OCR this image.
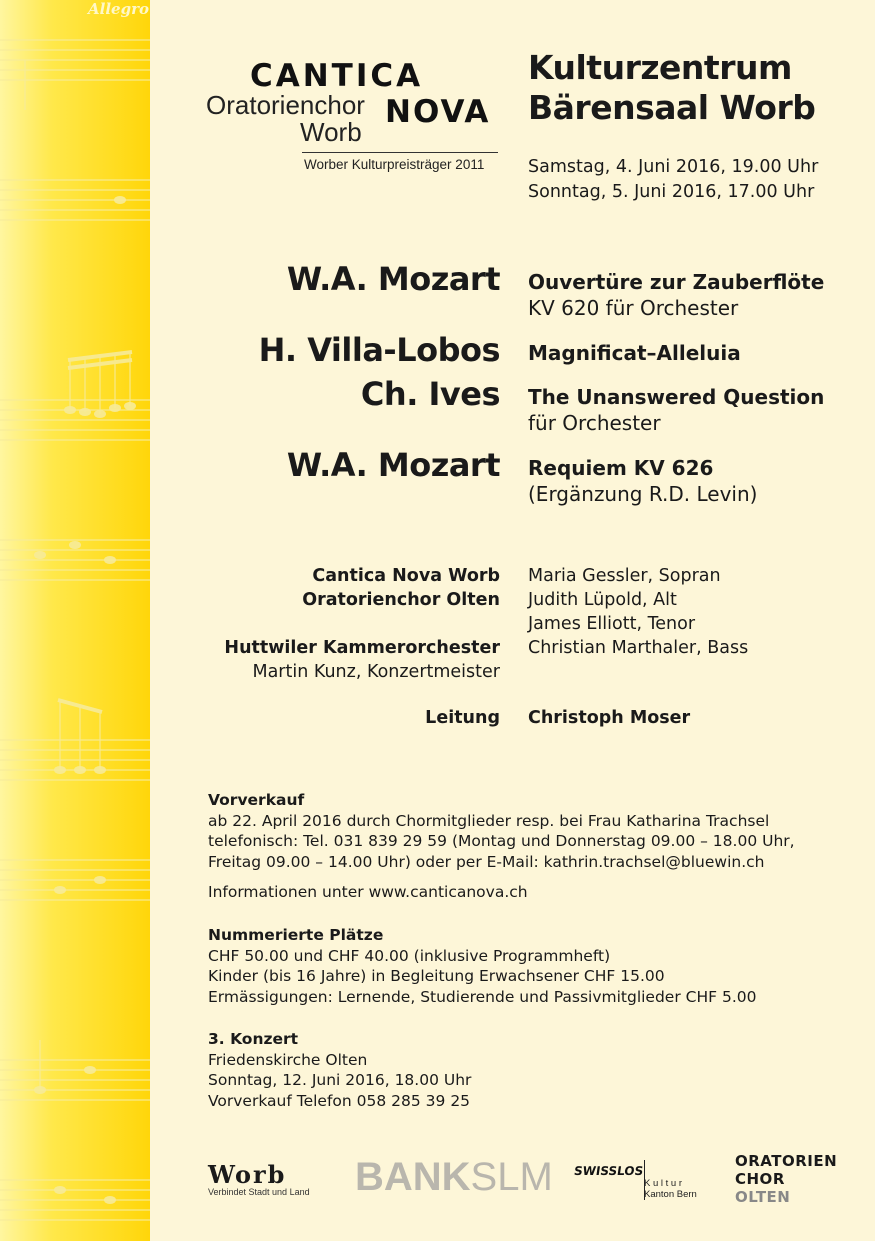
Allegro
CANTICA
Oratorienchor NOVA
Worb
Worber Kulturpreisträger 2011
Kulturzentrum
Bärensaal Worb
Samstag, 4. Juni 2016, 19.00 Uhr
Sonntag, 5. Juni 2016, 17.00 Uhr
W.A. Mozart Ouvertüre zur Zauberflöte
KV 620 für Orchester
H. Villa-Lobos Magnificat–Alleluia
Ch. Ives The Unanswered Question
für Orchester
W.A. Mozart Requiem KV 626
(Ergänzung R.D. Levin)
Cantica Nova Worb
Oratorienchor Olten
Huttwiler Kammerorchester
Martin Kunz, Konzertmeister
Maria Gessler, Sopran
Judith Lüpold, Alt
James Elliott, Tenor
Christian Marthaler, Bass
Leitung Christoph Moser
Vorverkauf
ab 22. April 2016 durch Chormitglieder resp. bei Frau Katharina Trachsel
telefonisch: Tel. 031 839 29 59 (Montag und Donnerstag 09.00 – 18.00 Uhr,
Freitag 09.00 – 14.00 Uhr) oder per E-Mail: kathrin.trachsel@bluewin.ch
Informationen unter www.canticanova.ch
Nummerierte Plätze
CHF 50.00 und CHF 40.00 (inklusive Programmheft)
Kinder (bis 16 Jahre) in Begleitung Erwachsener CHF 15.00
Ermässigungen: Lernende, Studierende und Passivmitglieder CHF 5.00
3. Konzert
Friedenskirche Olten
Sonntag, 12. Juni 2016, 18.00 Uhr
Vorverkauf Telefon 058 285 39 25
Worb
Verbindet Stadt und Land BANKSLM SWISSLOS
K u l t u r
Kanton Bern
ORATORIEN
CHOR
OLTEN
